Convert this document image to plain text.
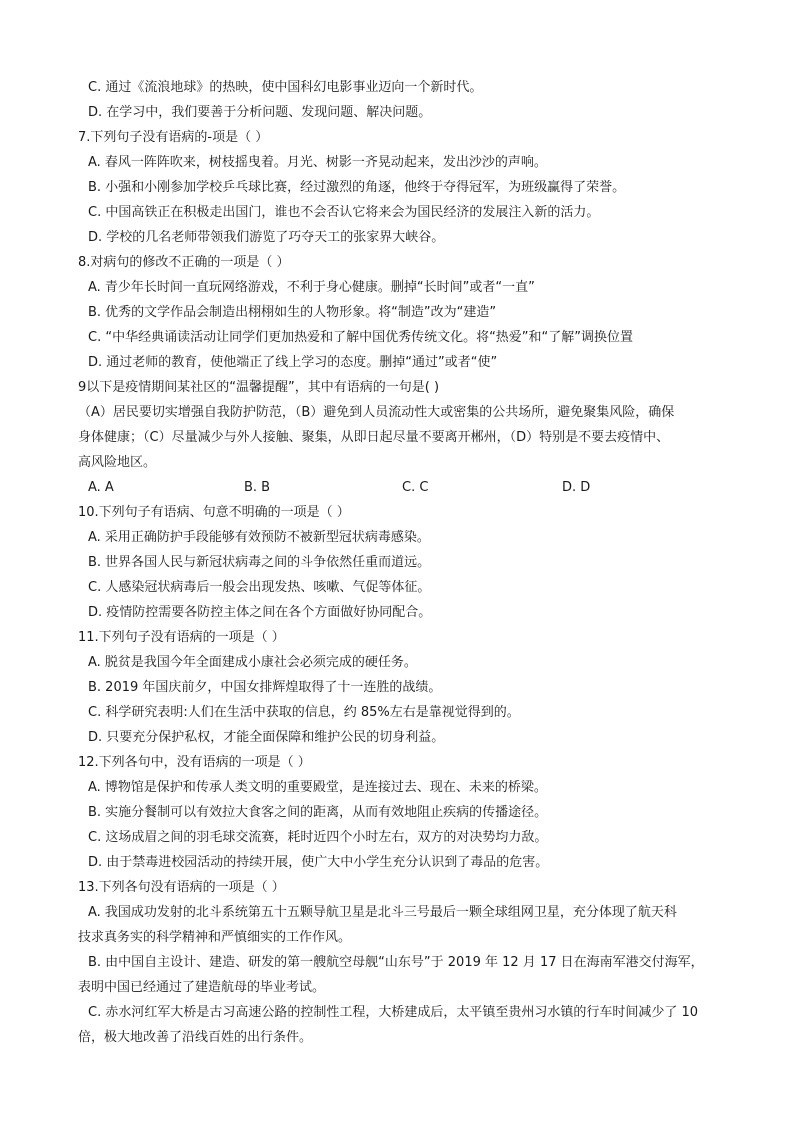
C. 通过《流浪地球》的热映，使中国科幻电影事业迈向一个新时代。
D. 在学习中，我们要善于分析问题、发现问题、解决问题。
7.下列句子没有语病的-项是（ ）
A. 春风一阵阵吹来，树枝摇曳着。月光、树影一齐晃动起来，发出沙沙的声响。
B. 小强和小刚参加学校乒乓球比赛，经过激烈的角逐，他终于夺得冠军，为班级赢得了荣誉。
C. 中国高铁正在积极走出国门，谁也不会否认它将来会为国民经济的发展注入新的活力。
D. 学校的几名老师带领我们游览了巧夺天工的张家界大峡谷。
8.对病句的修改不正确的一项是（ ）
A. 青少年长时间一直玩网络游戏，不利于身心健康。删掉“长时间”或者“一直”
B. 优秀的文学作品会制造出栩栩如生的人物形象。将“制造”改为“建造”
C. “中华经典诵读活动让同学们更加热爱和了解中国优秀传统文化。将“热爱”和“了解”调换位置
D. 通过老师的教育，使他端正了线上学习的态度。删掉“通过”或者“使”
9以下是疫情期间某社区的“温馨提醒”，其中有语病的一句是( )
（A）居民要切实增强自我防护防范，（B）避免到人员流动性大或密集的公共场所，避免聚集风险，确保
身体健康；（C）尽量减少与外人接触、聚集，从即日起尽量不要离开郴州，（D）特别是不要去疫情中、
高风险地区。
A. A	B. B	C. C	D. D
10.下列句子有语病、句意不明确的一项是（ ）
A. 采用正确防护手段能够有效预防不被新型冠状病毒感染。
B. 世界各国人民与新冠状病毒之间的斗争依然任重而道远。
C. 人感染冠状病毒后一般会出现发热、咳嗽、气促等体征。
D. 疫情防控需要各防控主体之间在各个方面做好协同配合。
11.下列句子没有语病的一项是（ ）
A. 脱贫是我国今年全面建成小康社会必须完成的硬任务。
B. 2019 年国庆前夕，中国女排辉煌取得了十一连胜的战绩。
C. 科学研究表明:人们在生活中获取的信息，约 85%左右是靠视觉得到的。
D. 只要充分保护私权，才能全面保障和维护公民的切身利益。
12.下列各句中，没有语病的一项是（ ）
A. 博物馆是保护和传承人类文明的重要殿堂，是连接过去、现在、未来的桥梁。
B. 实施分餐制可以有效拉大食客之间的距离，从而有效地阻止疾病的传播途径。
C. 这场成眉之间的羽毛球交流赛，耗时近四个小时左右，双方的对决势均力敌。
D. 由于禁毒进校园活动的持续开展，使广大中小学生充分认识到了毒品的危害。
13.下列各句没有语病的一项是（ ）
A. 我国成功发射的北斗系统第五十五颗导航卫星是北斗三号最后一颗全球组网卫星，充分体现了航天科
技求真务实的科学精神和严慎细实的工作作风。
B. 由中国自主设计、建造、研发的第一艘航空母舰“山东号”于 2019 年 12 月 17 日在海南军港交付海军，
表明中国已经通过了建造航母的毕业考试。
C. 赤水河红军大桥是古习高速公路的控制性工程，大桥建成后，太平镇至贵州习水镇的行车时间减少了 10
倍，极大地改善了沿线百姓的出行条件。
